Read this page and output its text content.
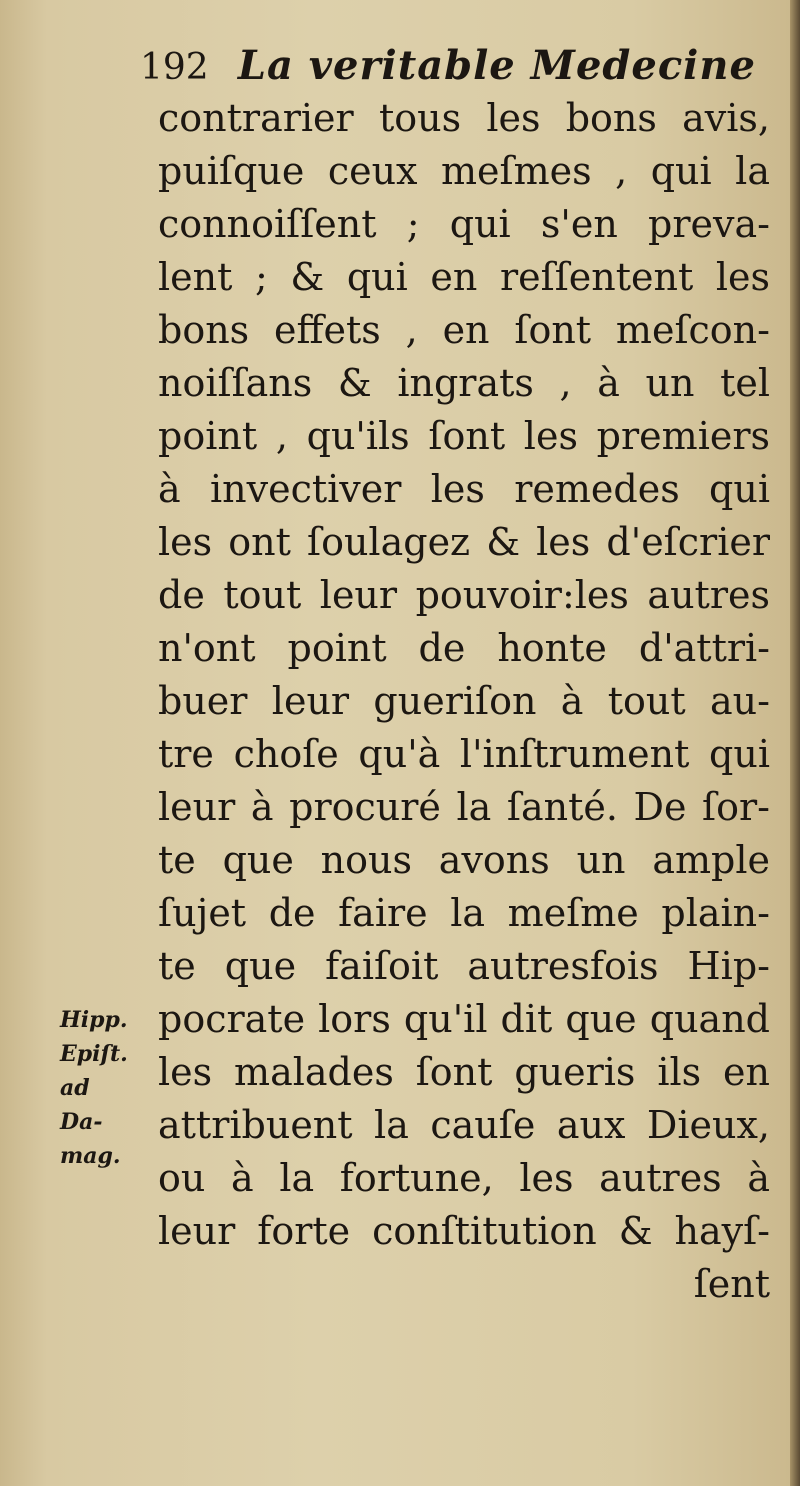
192 La veritable Medecine
contrarier tous les bons avis,
puiſque ceux meſmes , qui la
connoiſſent ; qui s'en preva-
lent ; & qui en reſſentent les
bons effets , en ſont meſcon-
noiſſans & ingrats , à un tel
point , qu'ils ſont les premiers
à invectiver les remedes qui
les ont ſoulagez & les d'eſcrier
de tout leur pouvoir:les autres
n'ont point de honte d'attri-
buer leur gueriſon à tout au-
tre choſe qu'à l'inſtrument qui
leur à procuré la ſanté. De ſor-
te que nous avons un ample
ſujet de faire la meſme plain-
te que faiſoit autresfois Hip-
pocrate lors qu'il dit que quand
les malades ſont gueris ils en
attribuent la cauſe aux Dieux,
ou à la fortune, les autres à
leur forte conſtitution & hayſ-
ſent
Hipp.
Epiſt.
ad
Da-
mag.
